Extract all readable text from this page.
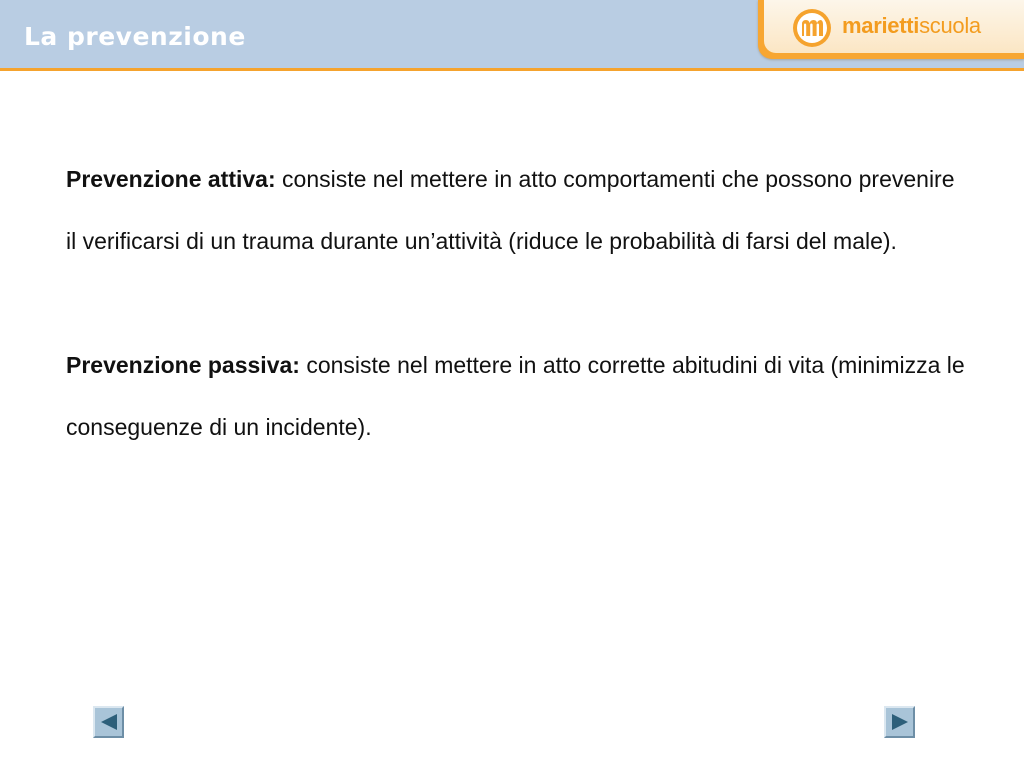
La prevenzione	mariettiscuola

Prevenzione attiva: consiste nel mettere in atto comportamenti che possono prevenire il verificarsi di un trauma durante un’attività (riduce le probabilità di farsi del male).

Prevenzione passiva: consiste nel mettere in atto corrette abitudini di vita (minimizza le conseguenze di un incidente).
